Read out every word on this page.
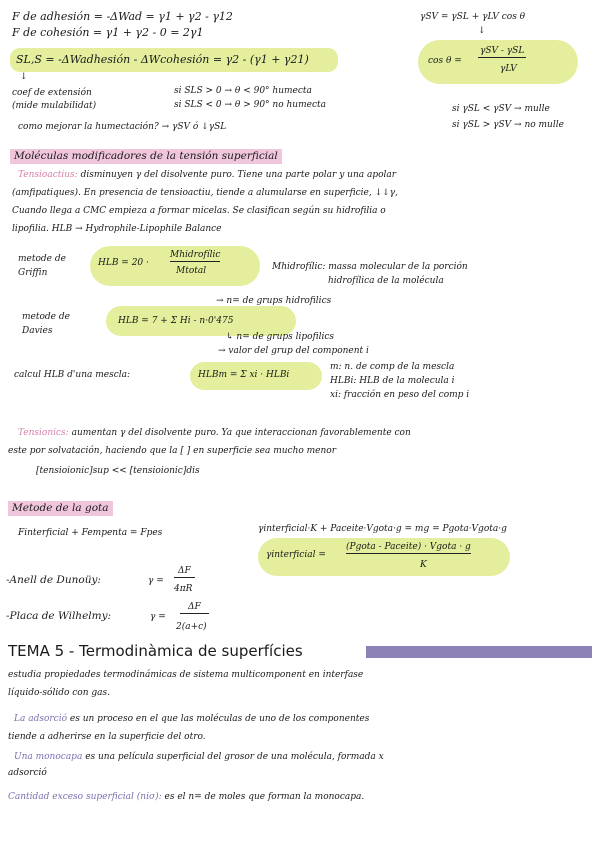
F de adhesión = -ΔWad = γ1 + γ2 - γ12
F de cohesión = γ1 + γ2 - 0 = 2γ1
SL,S = -ΔWadhesión - ΔWcohesión = γ2 - (γ1 + γ21)
↓
coef de extensión
(mide mulabilidat)
si SLS > 0 → θ < 90° humecta
si SLS < 0 → θ > 90° no humecta
como mejorar la humectación? → γSV ó ↓γSL
γSV = γSL + γLV cos θ
↓
cos θ =
γSV - γSL
γLV
si γSL < γSV → mulle
si γSL > γSV → no mulle
Moléculas modificadores de la tensión superficial
Tensioactius: disminuyen γ del disolvente puro. Tiene una parte polar y una apolar
(amfipatiques). En presencia de tensioactiu, tiende a alumularse en superficie, ↓↓γ,
Cuando llega a CMC empieza a formar micelas. Se clasifican según su hidrofilia o
lipofilia. HLB → Hydrophile-Lipophile Balance
metode de
Griffin
HLB = 20 ·
Mhidrofílic
Mtotal	Mhidrofílic: massa molecular de la porción
hidrofílica de la molécula
metode de
Davies
HLB = 7 + Σ Hi - n·0'475
→ n= de grups hidrofilics
↳ n= de grups lipofilics
→ valor del grup del component i
calcul HLB d'una mescla:	HLBm = Σ xi · HLBi
m: n. de comp de la mescla
HLBi: HLB de la molecula i
xi: fracción en peso del comp i
Tensionics: aumentan γ del disolvente puro. Ya que interaccionan favorablemente con
este por solvatación, haciendo que la [ ] en superficie sea mucho menor
[tensioionic]sup << [tensioionic]dis
Metode de la gota
Finterficial + Fempenta = Fpes	γinterficial·K + Paceite·Vgota·g = mg = Pgota·Vgota·g
γinterficial =
(Pgota - Paceite) · Vgota · g
K
-Anell de Dunoüy:	γ =
ΔF
4πR
-Placa de Wilhelmy:	γ =
ΔF
2(a+c)
TEMA 5 - Termodinàmica de superfícies
estudia propiedades termodinámicas de sistema multicomponent en interfase
líquido-sólido con gas.
La adsorció es un proceso en el que las moléculas de uno de los componentes
tiende a adherirse en la superficie del otro.
Una monocapa es una película superficial del grosor de una molécula, formada x
adsorció
Cantidad exceso superficial (niσ): es el n= de moles que forman la monocapa.
